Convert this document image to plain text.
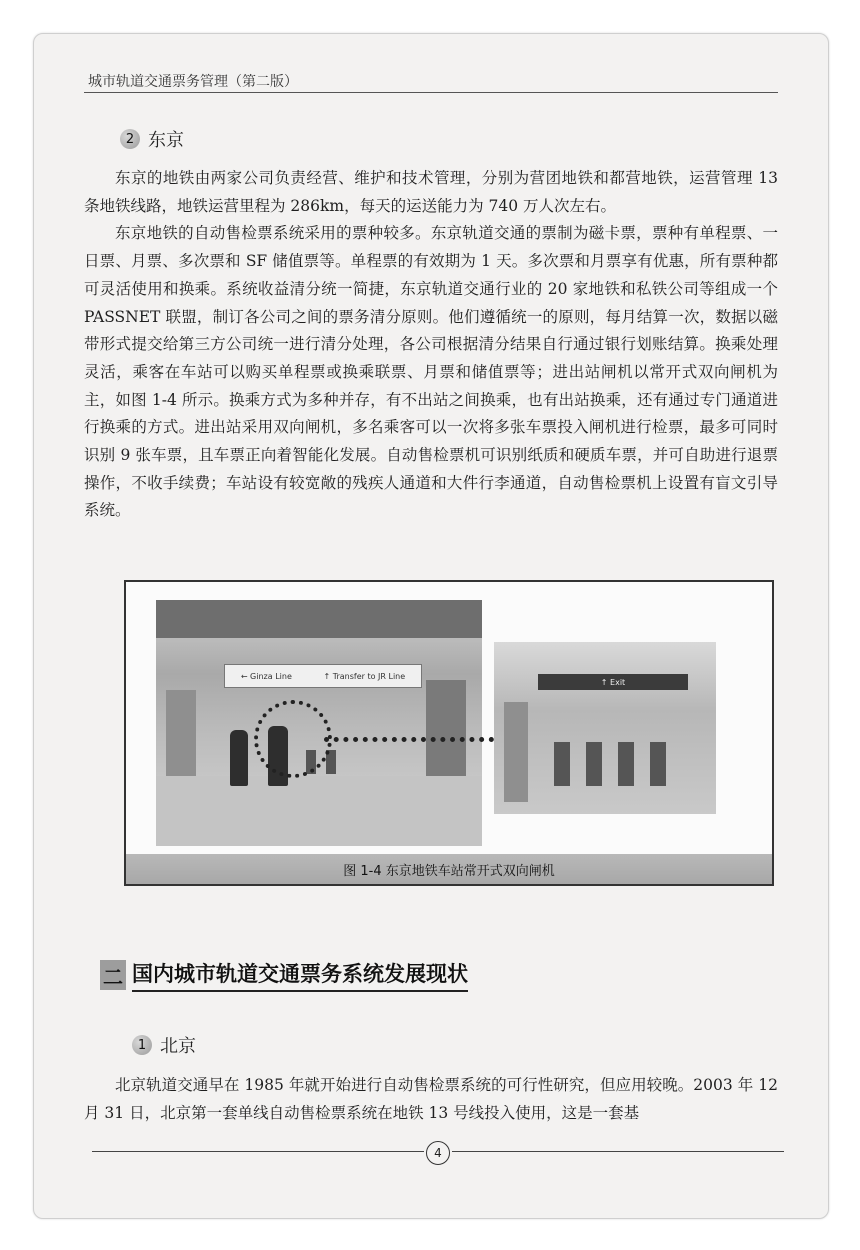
城市轨道交通票务管理（第二版）
2 东京

东京的地铁由两家公司负责经营、维护和技术管理，分别为营团地铁和都营地铁，运营管理 13 条地铁线路，地铁运营里程为 286km，每天的运送能力为 740 万人次左右。

东京地铁的自动售检票系统采用的票种较多。东京轨道交通的票制为磁卡票，票种有单程票、一日票、月票、多次票和 SF 储值票等。单程票的有效期为 1 天。多次票和月票享有优惠，所有票种都可灵活使用和换乘。系统收益清分统一简捷，东京轨道交通行业的 20 家地铁和私铁公司等组成一个 PASSNET 联盟，制订各公司之间的票务清分原则。他们遵循统一的原则，每月结算一次，数据以磁带形式提交给第三方公司统一进行清分处理，各公司根据清分结果自行通过银行划账结算。换乘处理灵活，乘客在车站可以购买单程票或换乘联票、月票和储值票等；进出站闸机以常开式双向闸机为主，如图 1-4 所示。换乘方式为多种并存，有不出站之间换乘，也有出站换乘，还有通过专门通道进行换乘的方式。进出站采用双向闸机，多名乘客可以一次将多张车票投入闸机进行检票，最多可同时识别 9 张车票，且车票正向着智能化发展。自动售检票机可识别纸质和硬质车票，并可自助进行退票操作，不收手续费；车站设有较宽敞的残疾人通道和大件行李通道，自动售检票机上设置有盲文引导系统。

← Ginza Line	↑ Transfer to JR Line
↑ Exit
图 1-4 东京地铁车站常开式双向闸机
二 国内城市轨道交通票务系统发展现状
1 北京

北京轨道交通早在 1985 年就开始进行自动售检票系统的可行性研究，但应用较晚。2003 年 12 月 31 日，北京第一套单线自动售检票系统在地铁 13 号线投入使用，这是一套基

4
